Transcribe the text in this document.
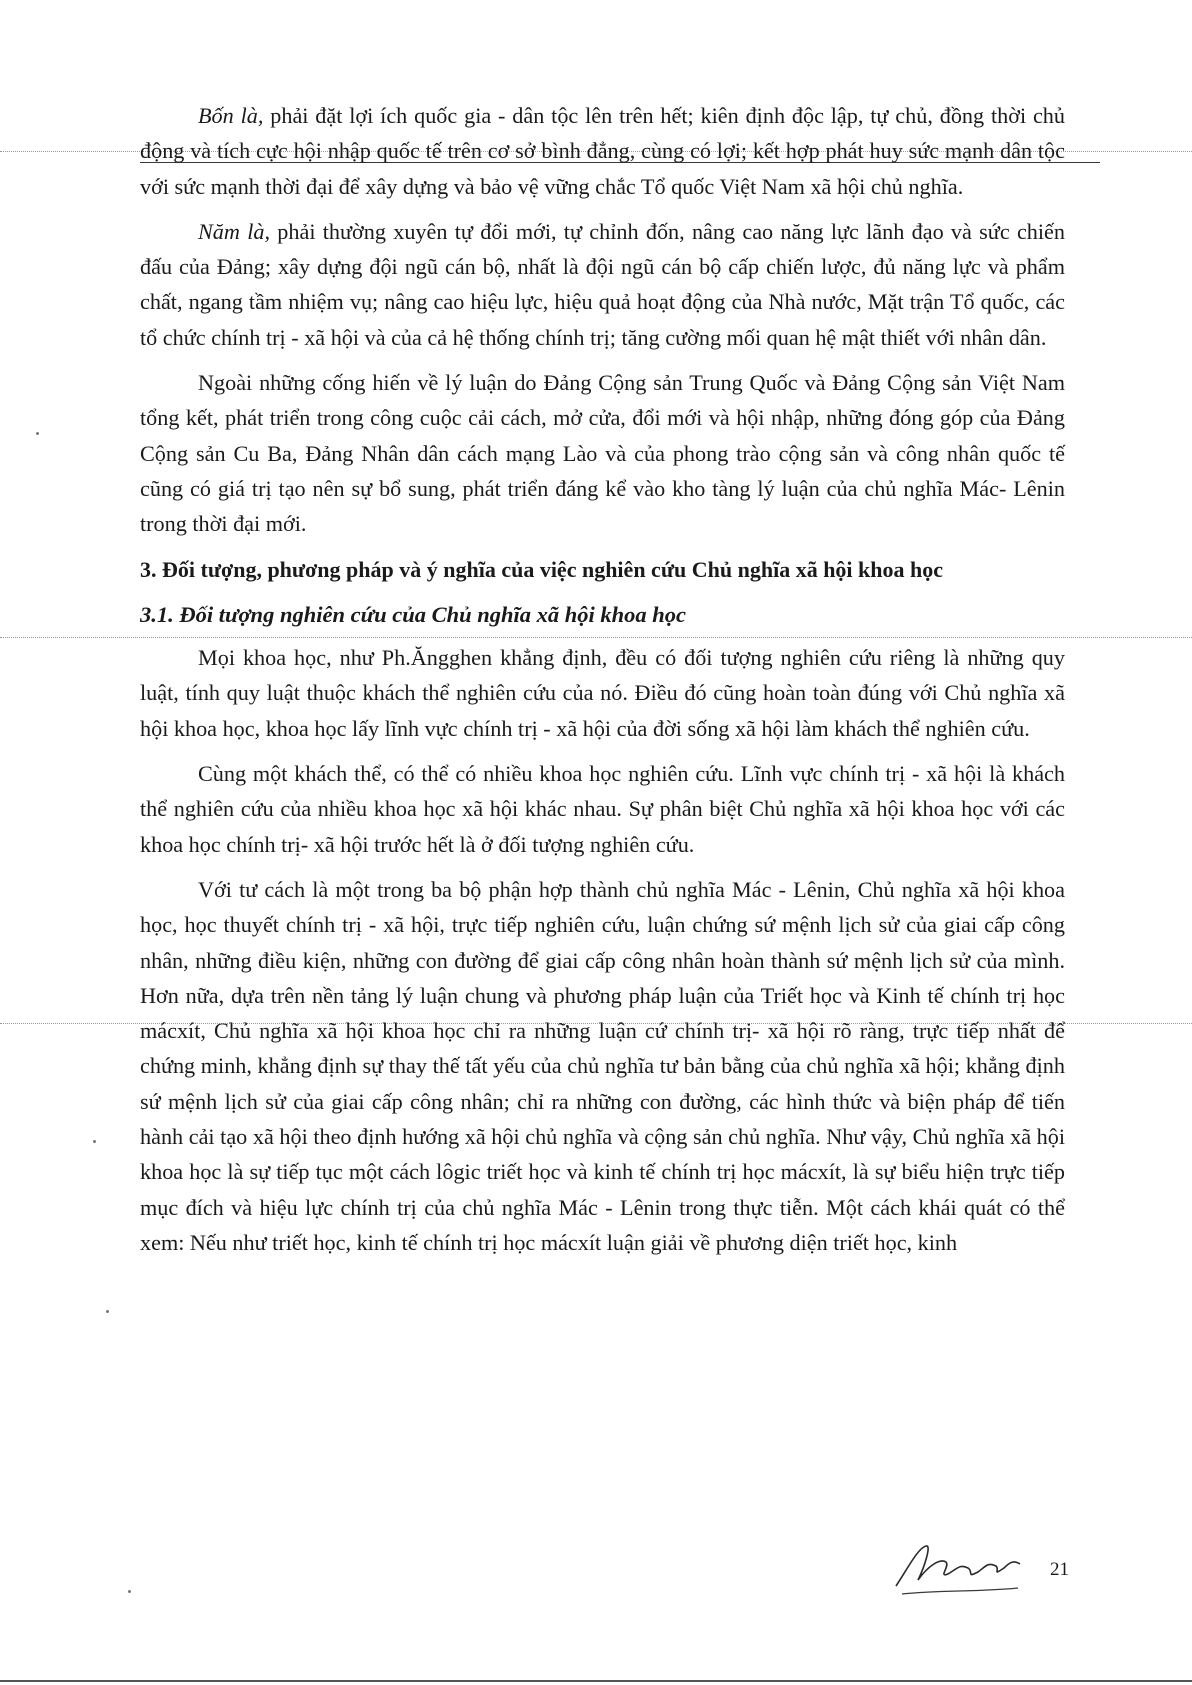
Bốn là, phải đặt lợi ích quốc gia - dân tộc lên trên hết; kiên định độc lập, tự chủ, đồng thời chủ động và tích cực hội nhập quốc tế trên cơ sở bình đẳng, cùng có lợi; kết hợp phát huy sức mạnh dân tộc với sức mạnh thời đại để xây dựng và bảo vệ vững chắc Tổ quốc Việt Nam xã hội chủ nghĩa.

Năm là, phải thường xuyên tự đổi mới, tự chỉnh đốn, nâng cao năng lực lãnh đạo và sức chiến đấu của Đảng; xây dựng đội ngũ cán bộ, nhất là đội ngũ cán bộ cấp chiến lược, đủ năng lực và phẩm chất, ngang tầm nhiệm vụ; nâng cao hiệu lực, hiệu quả hoạt động của Nhà nước, Mặt trận Tổ quốc, các tổ chức chính trị - xã hội và của cả hệ thống chính trị; tăng cường mối quan hệ mật thiết với nhân dân.

Ngoài những cống hiến về lý luận do Đảng Cộng sản Trung Quốc và Đảng Cộng sản Việt Nam tổng kết, phát triển trong công cuộc cải cách, mở cửa, đổi mới và hội nhập, những đóng góp của Đảng Cộng sản Cu Ba, Đảng Nhân dân cách mạng Lào và của phong trào cộng sản và công nhân quốc tế cũng có giá trị tạo nên sự bổ sung, phát triển đáng kể vào kho tàng lý luận của chủ nghĩa Mác- Lênin trong thời đại mới.

3. Đối tượng, phương pháp và ý nghĩa của việc nghiên cứu Chủ nghĩa xã hội khoa học

3.1. Đối tượng nghiên cứu của Chủ nghĩa xã hội khoa học

Mọi khoa học, như Ph.Ăngghen khẳng định, đều có đối tượng nghiên cứu riêng là những quy luật, tính quy luật thuộc khách thể nghiên cứu của nó. Điều đó cũng hoàn toàn đúng với Chủ nghĩa xã hội khoa học, khoa học lấy lĩnh vực chính trị - xã hội của đời sống xã hội làm khách thể nghiên cứu.

Cùng một khách thể, có thể có nhiều khoa học nghiên cứu. Lĩnh vực chính trị - xã hội là khách thể nghiên cứu của nhiều khoa học xã hội khác nhau. Sự phân biệt Chủ nghĩa xã hội khoa học với các khoa học chính trị- xã hội trước hết là ở đối tượng nghiên cứu.

Với tư cách là một trong ba bộ phận hợp thành chủ nghĩa Mác - Lênin, Chủ nghĩa xã hội khoa học, học thuyết chính trị - xã hội, trực tiếp nghiên cứu, luận chứng sứ mệnh lịch sử của giai cấp công nhân, những điều kiện, những con đường để giai cấp công nhân hoàn thành sứ mệnh lịch sử của mình. Hơn nữa, dựa trên nền tảng lý luận chung và phương pháp luận của Triết học và Kinh tế chính trị học mácxít, Chủ nghĩa xã hội khoa học chỉ ra những luận cứ chính trị- xã hội rõ ràng, trực tiếp nhất để chứng minh, khẳng định sự thay thế tất yếu của chủ nghĩa tư bản bằng của chủ nghĩa xã hội; khẳng định sứ mệnh lịch sử của giai cấp công nhân; chỉ ra những con đường, các hình thức và biện pháp để tiến hành cải tạo xã hội theo định hướng xã hội chủ nghĩa và cộng sản chủ nghĩa. Như vậy, Chủ nghĩa xã hội khoa học là sự tiếp tục một cách lôgic triết học và kinh tế chính trị học mácxít, là sự biểu hiện trực tiếp mục đích và hiệu lực chính trị của chủ nghĩa Mác - Lênin trong thực tiễn. Một cách khái quát có thể xem: Nếu như triết học, kinh tế chính trị học mácxít luận giải về phương diện triết học, kinh

21
